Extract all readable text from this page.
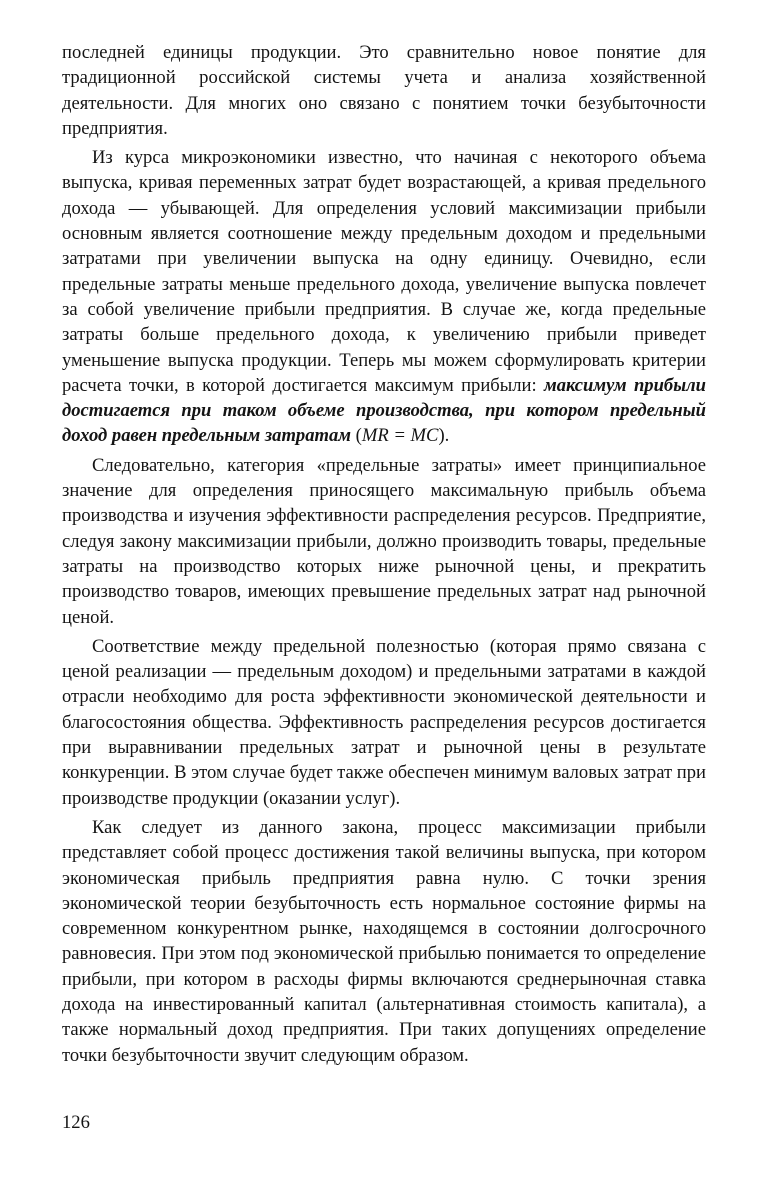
последней единицы продукции. Это сравнительно новое понятие для традиционной российской системы учета и анализа хозяйственной деятельности. Для многих оно связано с понятием точки безубыточности предприятия.

Из курса микроэкономики известно, что начиная с некоторого объема выпуска, кривая переменных затрат будет возрастающей, а кривая предельного дохода — убывающей. Для определения условий максимизации прибыли основным является соотношение между предельным доходом и предельными затратами при увеличении выпуска на одну единицу. Очевидно, если предельные затраты меньше предельного дохода, увеличение выпуска повлечет за собой увеличение прибыли предприятия. В случае же, когда предельные затраты больше предельного дохода, к увеличению прибыли приведет уменьшение выпуска продукции. Теперь мы можем сформулировать критерии расчета точки, в которой достигается максимум прибыли: максимум прибыли достигается при таком объеме производства, при котором предельный доход равен предельным затратам (MR = MC).

Следовательно, категория «предельные затраты» имеет принципиальное значение для определения приносящего максимальную прибыль объема производства и изучения эффективности распределения ресурсов. Предприятие, следуя закону максимизации прибыли, должно производить товары, предельные затраты на производство которых ниже рыночной цены, и прекратить производство товаров, имеющих превышение предельных затрат над рыночной ценой.

Соответствие между предельной полезностью (которая прямо связана с ценой реализации — предельным доходом) и предельными затратами в каждой отрасли необходимо для роста эффективности экономической деятельности и благосостояния общества. Эффективность распределения ресурсов достигается при выравнивании предельных затрат и рыночной цены в результате конкуренции. В этом случае будет также обеспечен минимум валовых затрат при производстве продукции (оказании услуг).

Как следует из данного закона, процесс максимизации прибыли представляет собой процесс достижения такой величины выпуска, при котором экономическая прибыль предприятия равна нулю. С точки зрения экономической теории безубыточность есть нормальное состояние фирмы на современном конкурентном рынке, находящемся в состоянии долгосрочного равновесия. При этом под экономической прибылью понимается то определение прибыли, при котором в расходы фирмы включаются среднерыночная ставка дохода на инвестированный капитал (альтернативная стоимость капитала), а также нормальный доход предприятия. При таких допущениях определение точки безубыточности звучит следующим образом.

126
